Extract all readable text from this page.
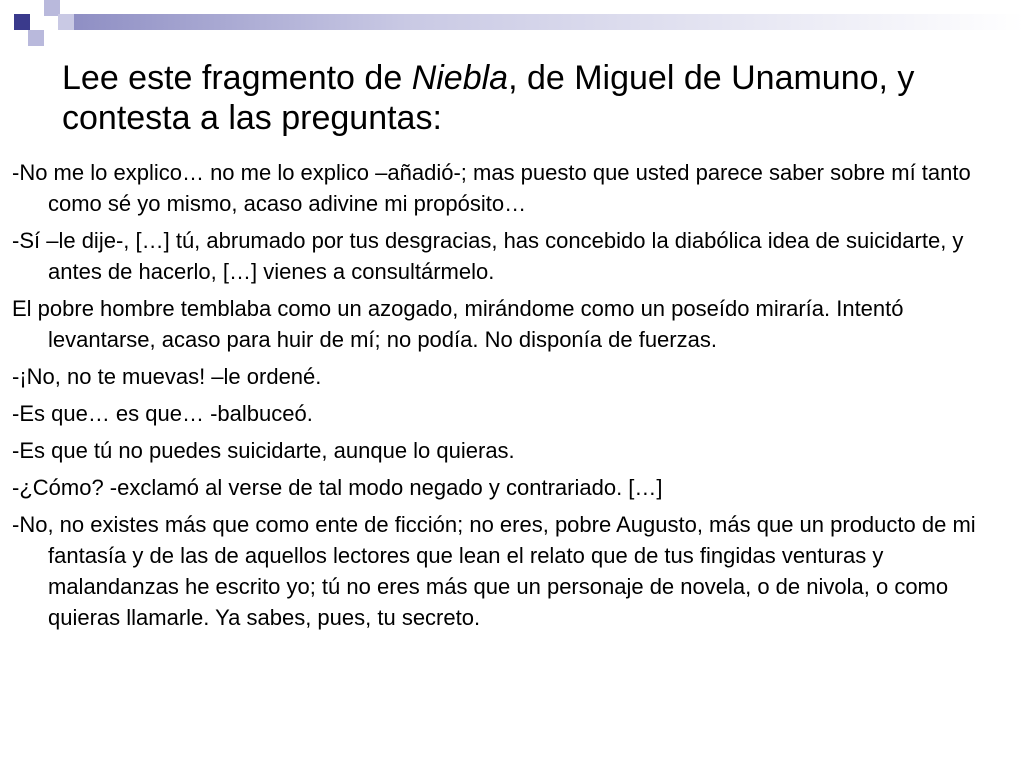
Lee este fragmento de Niebla, de Miguel de Unamuno, y contesta a las preguntas:

-No me lo explico… no me lo explico –añadió-; mas puesto que usted parece saber sobre mí tanto como sé yo mismo, acaso adivine mi propósito…

-Sí –le dije-, […] tú, abrumado por tus desgracias, has concebido la diabólica idea de suicidarte, y antes de hacerlo, […] vienes a consultármelo.

El pobre hombre temblaba como un azogado, mirándome como un poseído miraría. Intentó levantarse, acaso para huir de mí; no podía. No disponía de fuerzas.

-¡No, no te muevas! –le ordené.

-Es que… es que… -balbuceó.

-Es que tú no puedes suicidarte, aunque lo quieras.

-¿Cómo? -exclamó al verse de tal modo negado y contrariado. […]

-No, no existes más que como ente de ficción; no eres, pobre Augusto, más que un producto de mi fantasía y de las de aquellos lectores que lean el relato que de tus fingidas venturas y malandanzas he escrito yo; tú no eres más que un personaje de novela, o de nivola, o como quieras llamarle. Ya sabes, pues, tu secreto.
